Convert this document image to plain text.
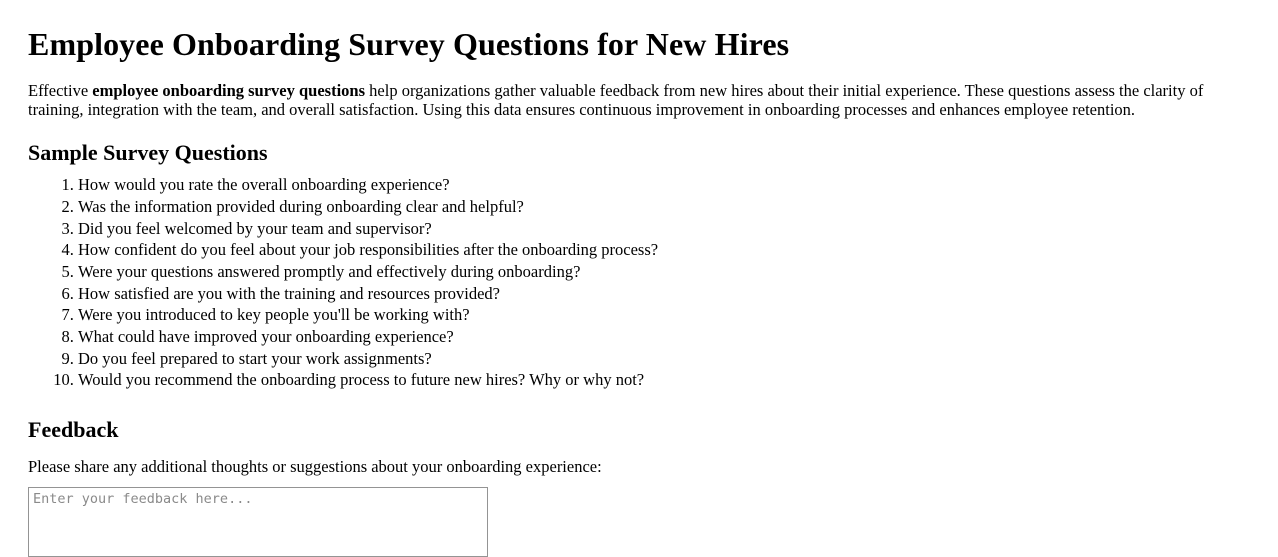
Employee Onboarding Survey Questions for New Hires

Effective employee onboarding survey questions help organizations gather valuable feedback from new hires about their initial experience. These questions assess the clarity of training, integration with the team, and overall satisfaction. Using this data ensures continuous improvement in onboarding processes and enhances employee retention.

Sample Survey Questions
1. How would you rate the overall onboarding experience?
2. Was the information provided during onboarding clear and helpful?
3. Did you feel welcomed by your team and supervisor?
4. How confident do you feel about your job responsibilities after the onboarding process?
5. Were your questions answered promptly and effectively during onboarding?
6. How satisfied are you with the training and resources provided?
7. Were you introduced to key people you'll be working with?
8. What could have improved your onboarding experience?
9. Do you feel prepared to start your work assignments?
10. Would you recommend the onboarding process to future new hires? Why or why not?
Feedback

Please share any additional thoughts or suggestions about your onboarding experience:

Enter your feedback here...
